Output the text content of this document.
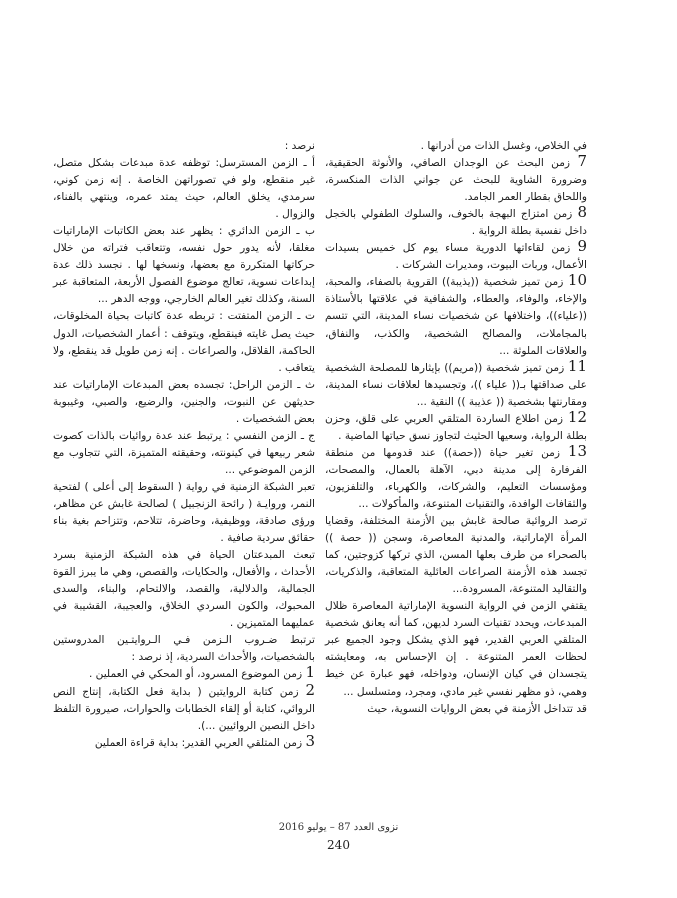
في الخلاص، وغسل الذات من أدرانها .

7 زمن البحث عن الوجدان الصافي، والأنوثة الحقيقية، وضرورة الشاوية للبحث عن جواني الذات المنكسرة، واللحاق بقطار العمر الجامد.

8 زمن امتزاج البهجة بالخوف، والسلوك الطفولي بالخجل داخل نفسية بطلة الرواية .

9 زمن لقاءاتها الدورية مساء يوم كل خميس بسيدات الأعمال، وربات البيوت، ومديرات الشركات .

10 زمن تميز شخصية ((يذيبة)) القروية بالصفاء، والمحبة، والإخاء، والوفاء، والعطاء، والشفافية في علاقتها بالأستاذة ((علياء))، واختلافها عن شخصيات نساء المدينة، التي تتسم بالمجاملات، والمصالح الشخصية، والكذب، والنفاق، والعلاقات الملوثة ...

11 زمن تميز شخصية ((مريم)) بإيثارها للمصلحة الشخصية على صداقتها بـ(( علياء ))، وتجسيدها لعلاقات نساء المدينة، ومقارنتها بشخصية (( عذيبة )) النقية ...

12 زمن اطلاع الساردة المتلقي العربي على قلق، وحزن بطلة الرواية، وسعيها الحثيث لتجاوز نسق حياتها الماضية .

13 زمن تغير حياة ((حصة)) عند قدومها من منطقة الفرفارة إلى مدينة دبي، الآهلة بالعمال، والمصحات، ومؤسسات التعليم، والشركات، والكهرباء، والتلفزيون، والثقافات الوافدة، والتقنيات المتنوعة، والمأكولات ...

ترصد الروائية صالحة غابش بين الأزمنة المختلفة، وقضايا المرأة الإماراتية، والمدنية المعاصرة، وسجن (( حصة )) بالصحراء من طرف بعلها المسن، الذي تركها كزوجتين، كما تجسد هذه الأزمنة الصراعات العائلية المتعاقبة، والذكريات، والتقاليد المتنوعة، المسرودة...

يقتفي الزمن في الرواية النسوية الإماراتية المعاصرة ظلال المبدعات، ويحدد تقنيات السرد لديهن، كما أنه يعانق شخصية المتلقي العربي القدير، فهو الذي يشكل وجود الجميع عبر لحظات العمر المتنوعة . إن الإحساس به، ومعايشته يتجسدان في كيان الإنسان، ودواخله، فهو عبارة عن خيط وهمي، ذو مظهر نفسي غير مادي، ومجرد، ومتسلسل ...

قد تتداخل الأزمنة في بعض الروايات النسوية، حيث

نرصد :

أ ـ الزمن المسترسل: توظفه عدة مبدعات بشكل متصل، غير منقطع، ولو في تصوراتهن الخاصة . إنه زمن كوني، سرمدي، يخلق العالم، حيث يمتد عمره، وينتهي بالفناء، والزوال .

ب ـ الزمن الدائري : يظهر عند بعض الكاتبات الإماراتيات مغلقا، لأنه يدور حول نفسه، وتتعاقب فتراته من خلال حركاتها المتكررة مع بعضها، ونسخها لها . نجسد ذلك عدة إبداعات نسوية، تعالج موضوع الفصول الأربعة، المتعاقبة عبر السنة، وكذلك تغير العالم الخارجي، ووجه الدهر ...

ت ـ الزمن المتفتت : تربطه عدة كاتبات بحياة المخلوقات، حيث يصل غايته فينقطع، ويتوقف : أعمار الشخصيات، الدول الحاكمة، القلاقل، والصراعات . إنه زمن طويل قد ينقطع، ولا يتعاقب .

ث ـ الزمن الراحل: تجسده بعض المبدعات الإماراتيات عند حديثهن عن النبوت، والجنين، والرضيع، والصبي، وغيبوبة بعض الشخصيات .

ج ـ الزمن النفسي : يرتبط عند عدة روائيات بالذات كصوت شعر ربيعها في كينونته، وحقيقته المتميزة، التي تتجاوب مع الزمن الموضوعي ...

تعبر الشبكة الزمنية في رواية ( السقوط إلى أعلى ) لفتحية النمر، وروايـة ( رائحة الزنجبيل ) لصالحة غابش عن مظاهر، ورؤى صادقة، ووظيفية، وحاضرة، تتلاحم، وتتزاحم بغية بناء حقائق سردية صافية .

تبعث المبدعتان الحياة في هذه الشبكة الزمنية بسرد الأحداث ، والأفعال، والحكايات، والقصص، وهي ما يبرز القوة الجمالية، والدلالية، والقصد، والالتحام، والبناء، والسدى المحبوك، والكون السردي الخلاق، والعجيبة، القشيبة في عمليهما المتميزين .

ترتبط ضـروب الـزمن فـي الـروايتـين المدروستين بالشخصيات، والأحداث السردية، إذ نرصد :

1 زمن الموضوع المسرود، أو المحكي في العملين .

2 زمن كتابة الروايتين ( بداية فعل الكتابة، إنتاج النص الروائي، كتابة أو إلقاء الخطابات والحوارات، صيرورة التلفظ داخل النصين الروائيين ...).

3 زمن المتلقي العربي القدير: بداية قراءة العملين

نزوى العدد 87 – يوليو 2016
240
